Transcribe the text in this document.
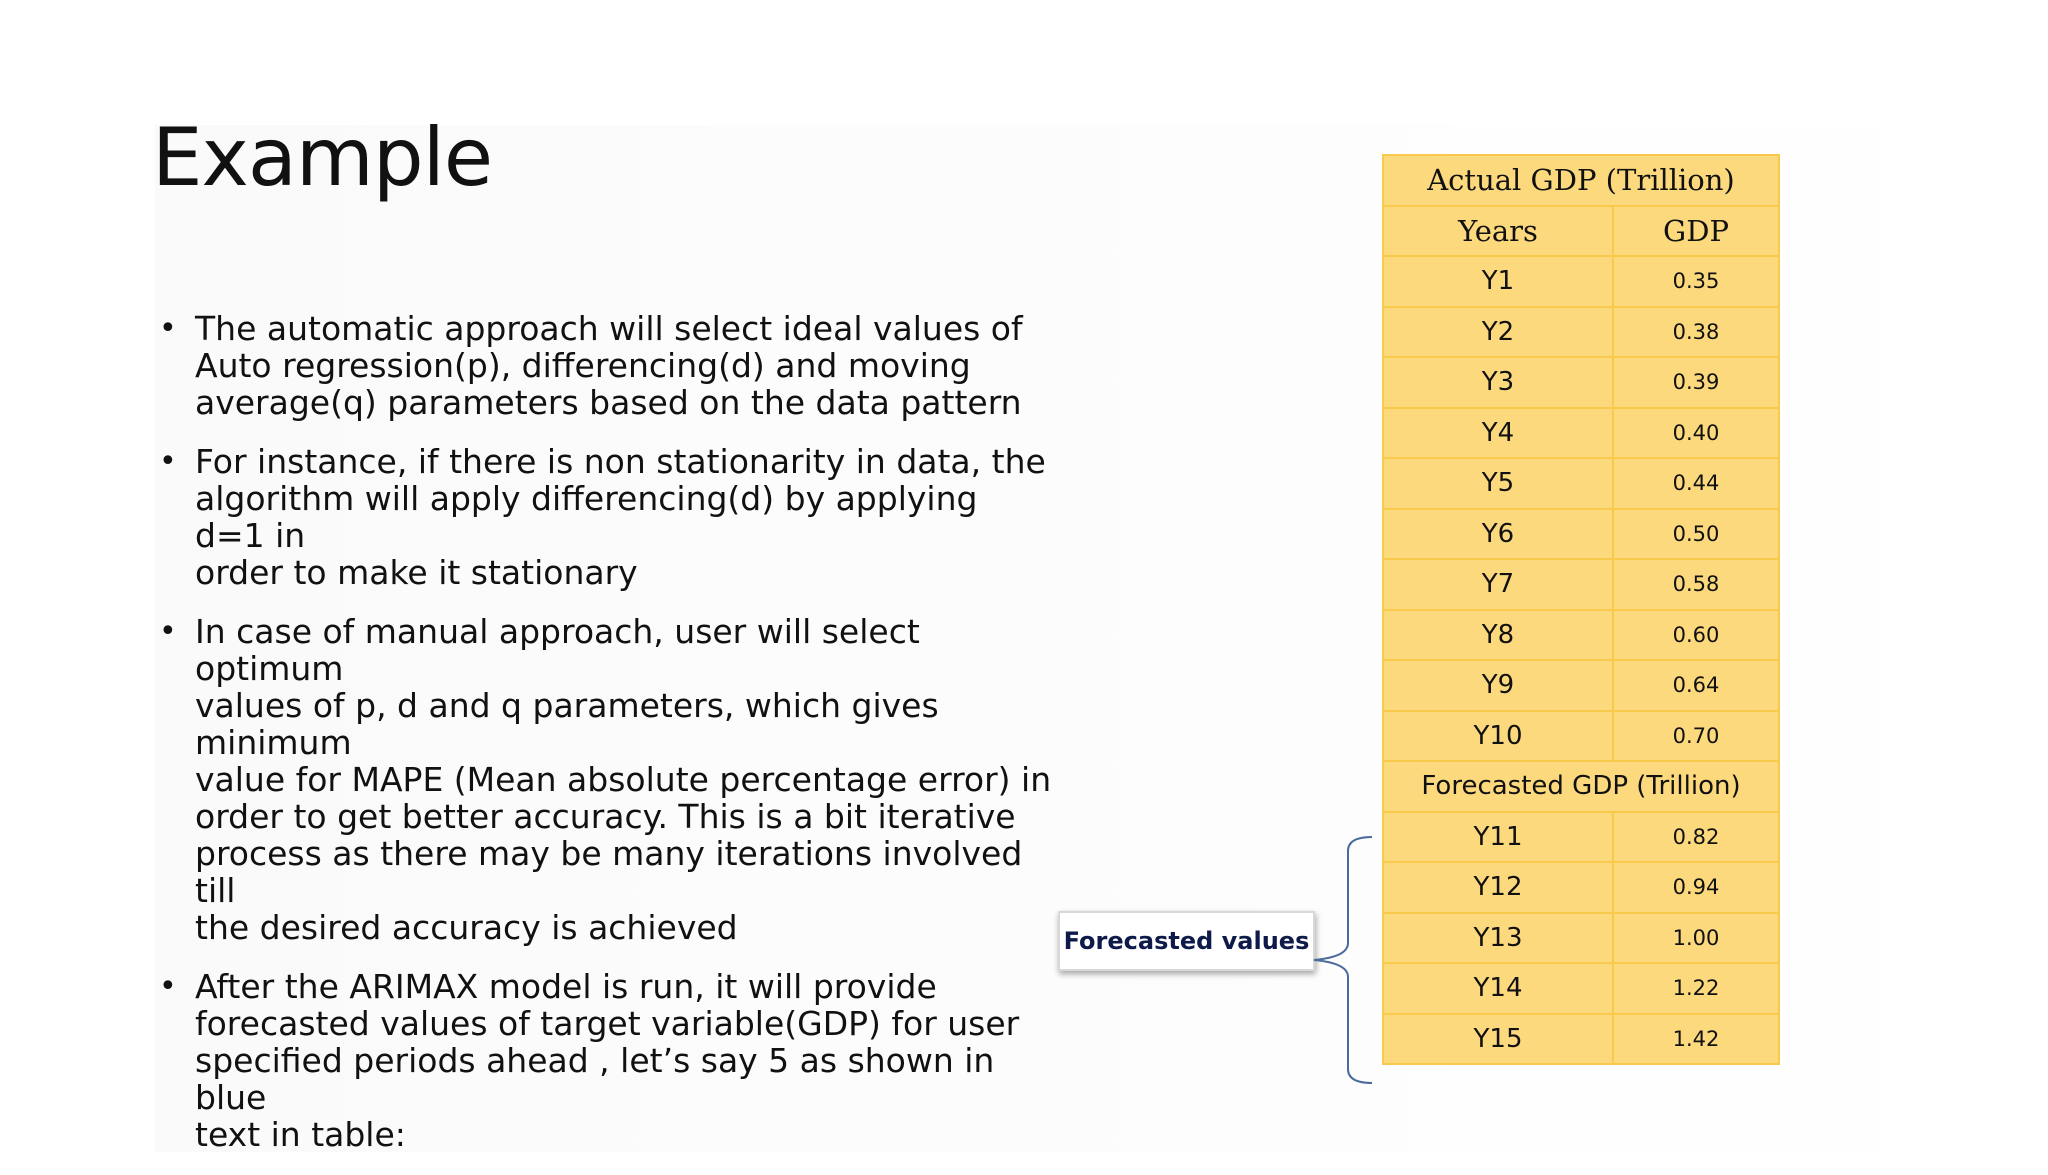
Example
• The automatic approach will select ideal values of
Auto regression(p), differencing(d) and moving
average(q) parameters based on the data pattern
• For instance, if there is non stationarity in data, the
algorithm will apply differencing(d) by applying d=1 in
order to make it stationary
• In case of manual approach, user will select optimum
values of p, d and q parameters, which gives minimum
value for MAPE (Mean absolute percentage error) in
order to get better accuracy. This is a bit iterative
process as there may be many iterations involved till
the desired accuracy is achieved
• After the ARIMAX model is run, it will provide
forecasted values of target variable(GDP) for user
specified periods ahead , let’s say 5 as shown in blue
text in table:
Forecasted values
Actual GDP (Trillion)	
Years	GDP
Y1	0.35
Y2	0.38
Y3	0.39
Y4	0.40
Y5	0.44
Y6	0.50
Y7	0.58
Y8	0.60
Y9	0.64
Y10	0.70
Forecasted GDP (Trillion)	
Y11	0.82
Y12	0.94
Y13	1.00
Y14	1.22
Y15	1.42
